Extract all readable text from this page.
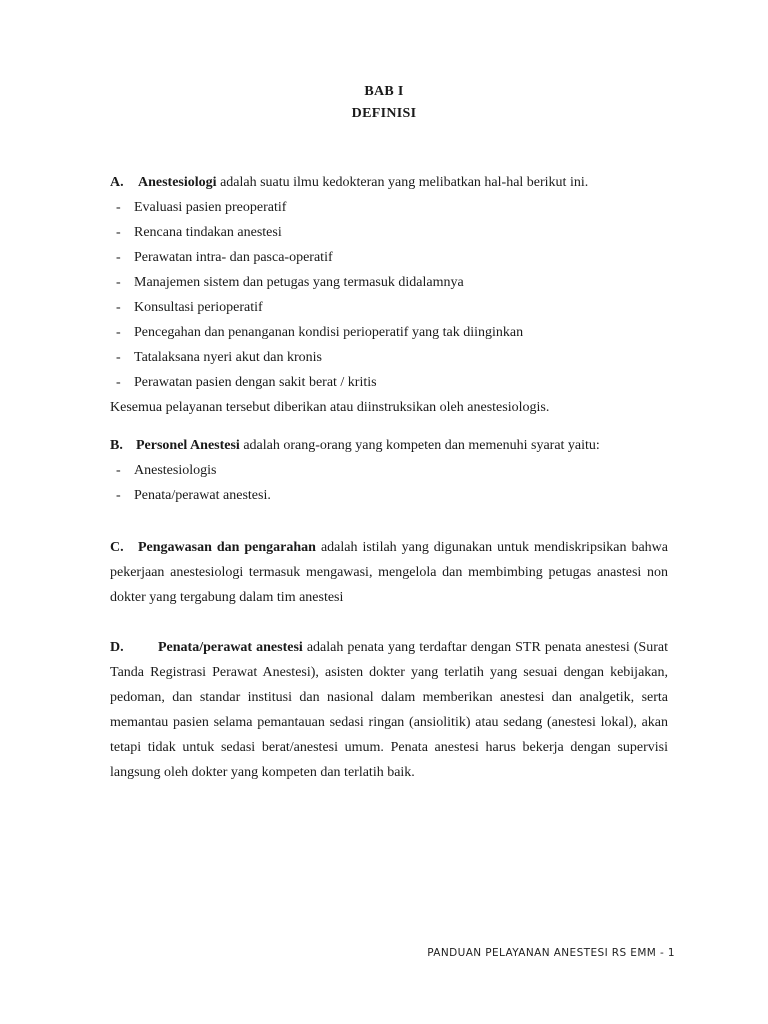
BAB I
DEFINISI

A. Anestesiologi adalah suatu ilmu kedokteran yang melibatkan hal-hal berikut ini.

- Evaluasi pasien preoperatif
- Rencana tindakan anestesi
- Perawatan intra- dan pasca-operatif
- Manajemen sistem dan petugas yang termasuk didalamnya
- Konsultasi perioperatif
- Pencegahan dan penanganan kondisi perioperatif yang tak diinginkan
- Tatalaksana nyeri akut dan kronis
- Perawatan pasien dengan sakit berat / kritis

Kesemua pelayanan tersebut diberikan atau diinstruksikan oleh anestesiologis.

B. Personel Anestesi adalah orang-orang yang kompeten dan memenuhi syarat yaitu:

- Anestesiologis
- Penata/perawat anestesi.

C. Pengawasan dan pengarahan adalah istilah yang digunakan untuk mendiskripsikan bahwa pekerjaan anestesiologi termasuk mengawasi, mengelola dan membimbing petugas anastesi non dokter yang tergabung dalam tim anestesi

D. Penata/perawat anestesi adalah penata yang terdaftar dengan STR penata anestesi (Surat Tanda Registrasi Perawat Anestesi), asisten dokter yang terlatih yang sesuai dengan kebijakan, pedoman, dan standar institusi dan nasional dalam memberikan anestesi dan analgetik, serta memantau pasien selama pemantauan sedasi ringan (ansiolitik) atau sedang (anestesi lokal), akan tetapi tidak untuk sedasi berat/anestesi umum. Penata anestesi harus bekerja dengan supervisi langsung oleh dokter yang kompeten dan terlatih baik.

PANDUAN PELAYANAN ANESTESI RS EMM - 1
